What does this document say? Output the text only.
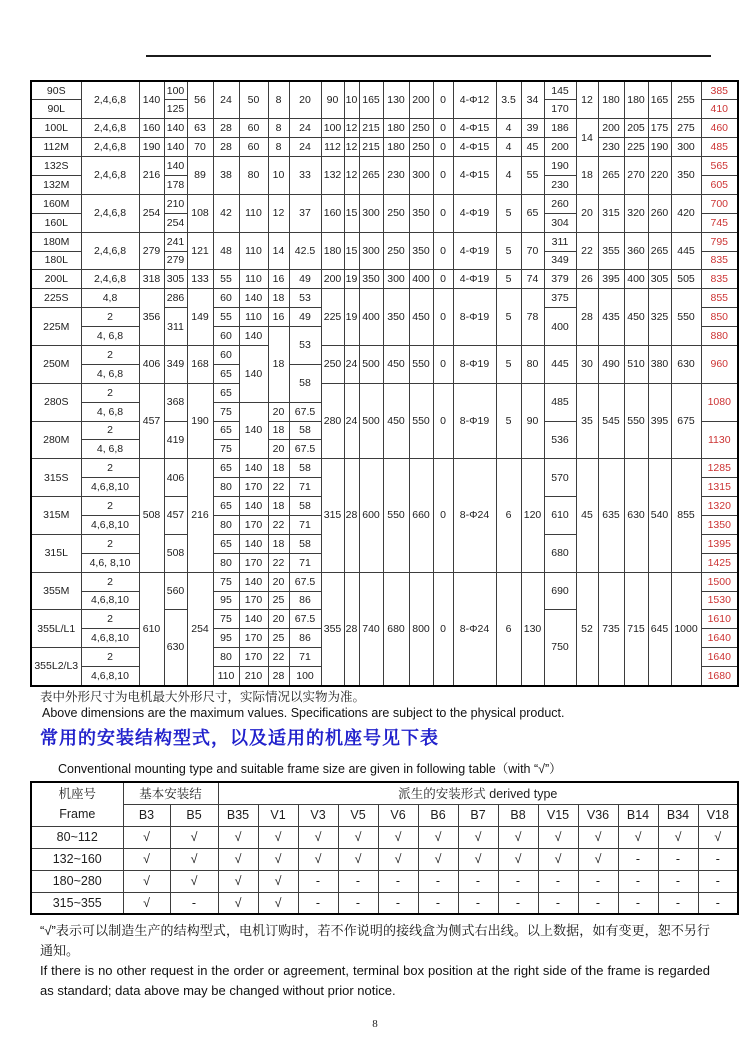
90S	2,4,6,8	140	100	56	24	50	8	20	90	10	165	130	200	0	4-Φ12	3.5	34	145	12	180	180	165	255	385
90L			125															170						410
100L	2,4,6,8	160	140	63	28	60	8	24	100	12	215	180	250	0	4-Φ15	4	39	186	14	200	205	175	275	460
112M	2,4,6,8	190	140	70	28	60	8	24	112	12	215	180	250	0	4-Φ15	4	45	200		230	225	190	300	485
132S	2,4,6,8	216	140	89	38	80	10	33	132	12	265	230	300	0	4-Φ15	4	55	190	18	265	270	220	350	565
132M			178															230						605
160M	2,4,6,8	254	210	108	42	110	12	37	160	15	300	250	350	0	4-Φ19	5	65	260	20	315	320	260	420	700
160L			254															304						745
180M	2,4,6,8	279	241	121	48	110	14	42.5	180	15	300	250	350	0	4-Φ19	5	70	311	22	355	360	265	445	795
180L			279															349						835
200L	2,4,6,8	318	305	133	55	110	16	49	200	19	350	300	400	0	4-Φ19	5	74	379	26	395	400	305	505	835
225S	4,8	356	286	149	60	140	18	53	225	19	400	350	450	0	8-Φ19	5	78	375	28	435	450	325	550	855
225M	2		311		55	110	16	49										400						850
	4, 6,8				60	140	18	53																880
250M	2	406	349	168	60	140			250	24	500	450	550	0	8-Φ19	5	80	445	30	490	510	380	630	960
	4, 6,8				65			58																
280S	2	457	368	190	65				280	24	500	450	550	0	8-Φ19	5	90	485	35	545	550	395	675	1080
	4, 6,8				75	140	20	67.5																
280M	2		419		65		18	58										536						1130
	4, 6,8				75		20	67.5																
315S	2	508	406	216	65	140	18	58	315	28	600	550	660	0	8-Φ24	6	120	570	45	635	630	540	855	1285
	4,6,8,10				80	170	22	71																1315
315M	2		457		65	140	18	58										610						1320
	4,6,8,10				80	170	22	71																1350
315L	2		508		65	140	18	58										680						1395
	4,6, 8,10				80	170	22	71																1425
355M	2	610	560	254	75	140	20	67.5	355	28	740	680	800	0	8-Φ24	6	130	690	52	735	715	645	1000	1500
	4,6,8,10				95	170	25	86																1530
355L/L1	2		630		75	140	20	67.5										750						1610
	4,6,8,10				95	170	25	86																1640
355L2/L3	2				80	170	22	71																1640
	4,6,8,10				110	210	28	100																1680
表中外形尺寸为电机最大外形尺寸，实际情况以实物为准。
Above dimensions are the maximum values. Specifications are subject to the physical product.
常用的安装结构型式，以及适用的机座号见下表
Conventional mounting type and suitable frame size are given in following table（with “√”）
机座号
Frame	基本安装结		派生的安装形式 derived type												
	B3	B5	B35	V1	V3	V5	V6	B6	B7	B8	V15	V36	B14	B34	V18
80~112	√	√	√	√	√	√	√	√	√	√	√	√	√	√	√
132~160	√	√	√	√	√	√	√	√	√	√	√	√	-	-	-
180~280	√	√	√	√	-	-	-	-	-	-	-	-	-	-	-
315~355	√	-	√	√	-	-	-	-	-	-	-	-	-	-	-

“√”表示可以制造生产的结构型式，电机订购时，若不作说明的接线盒为侧式右出线。以上数据，如有变更，恕不另行通知。

If there is no other request in the order or agreement, terminal box position at the right side of the frame is regarded as standard; data above may be changed without prior notice.

8
